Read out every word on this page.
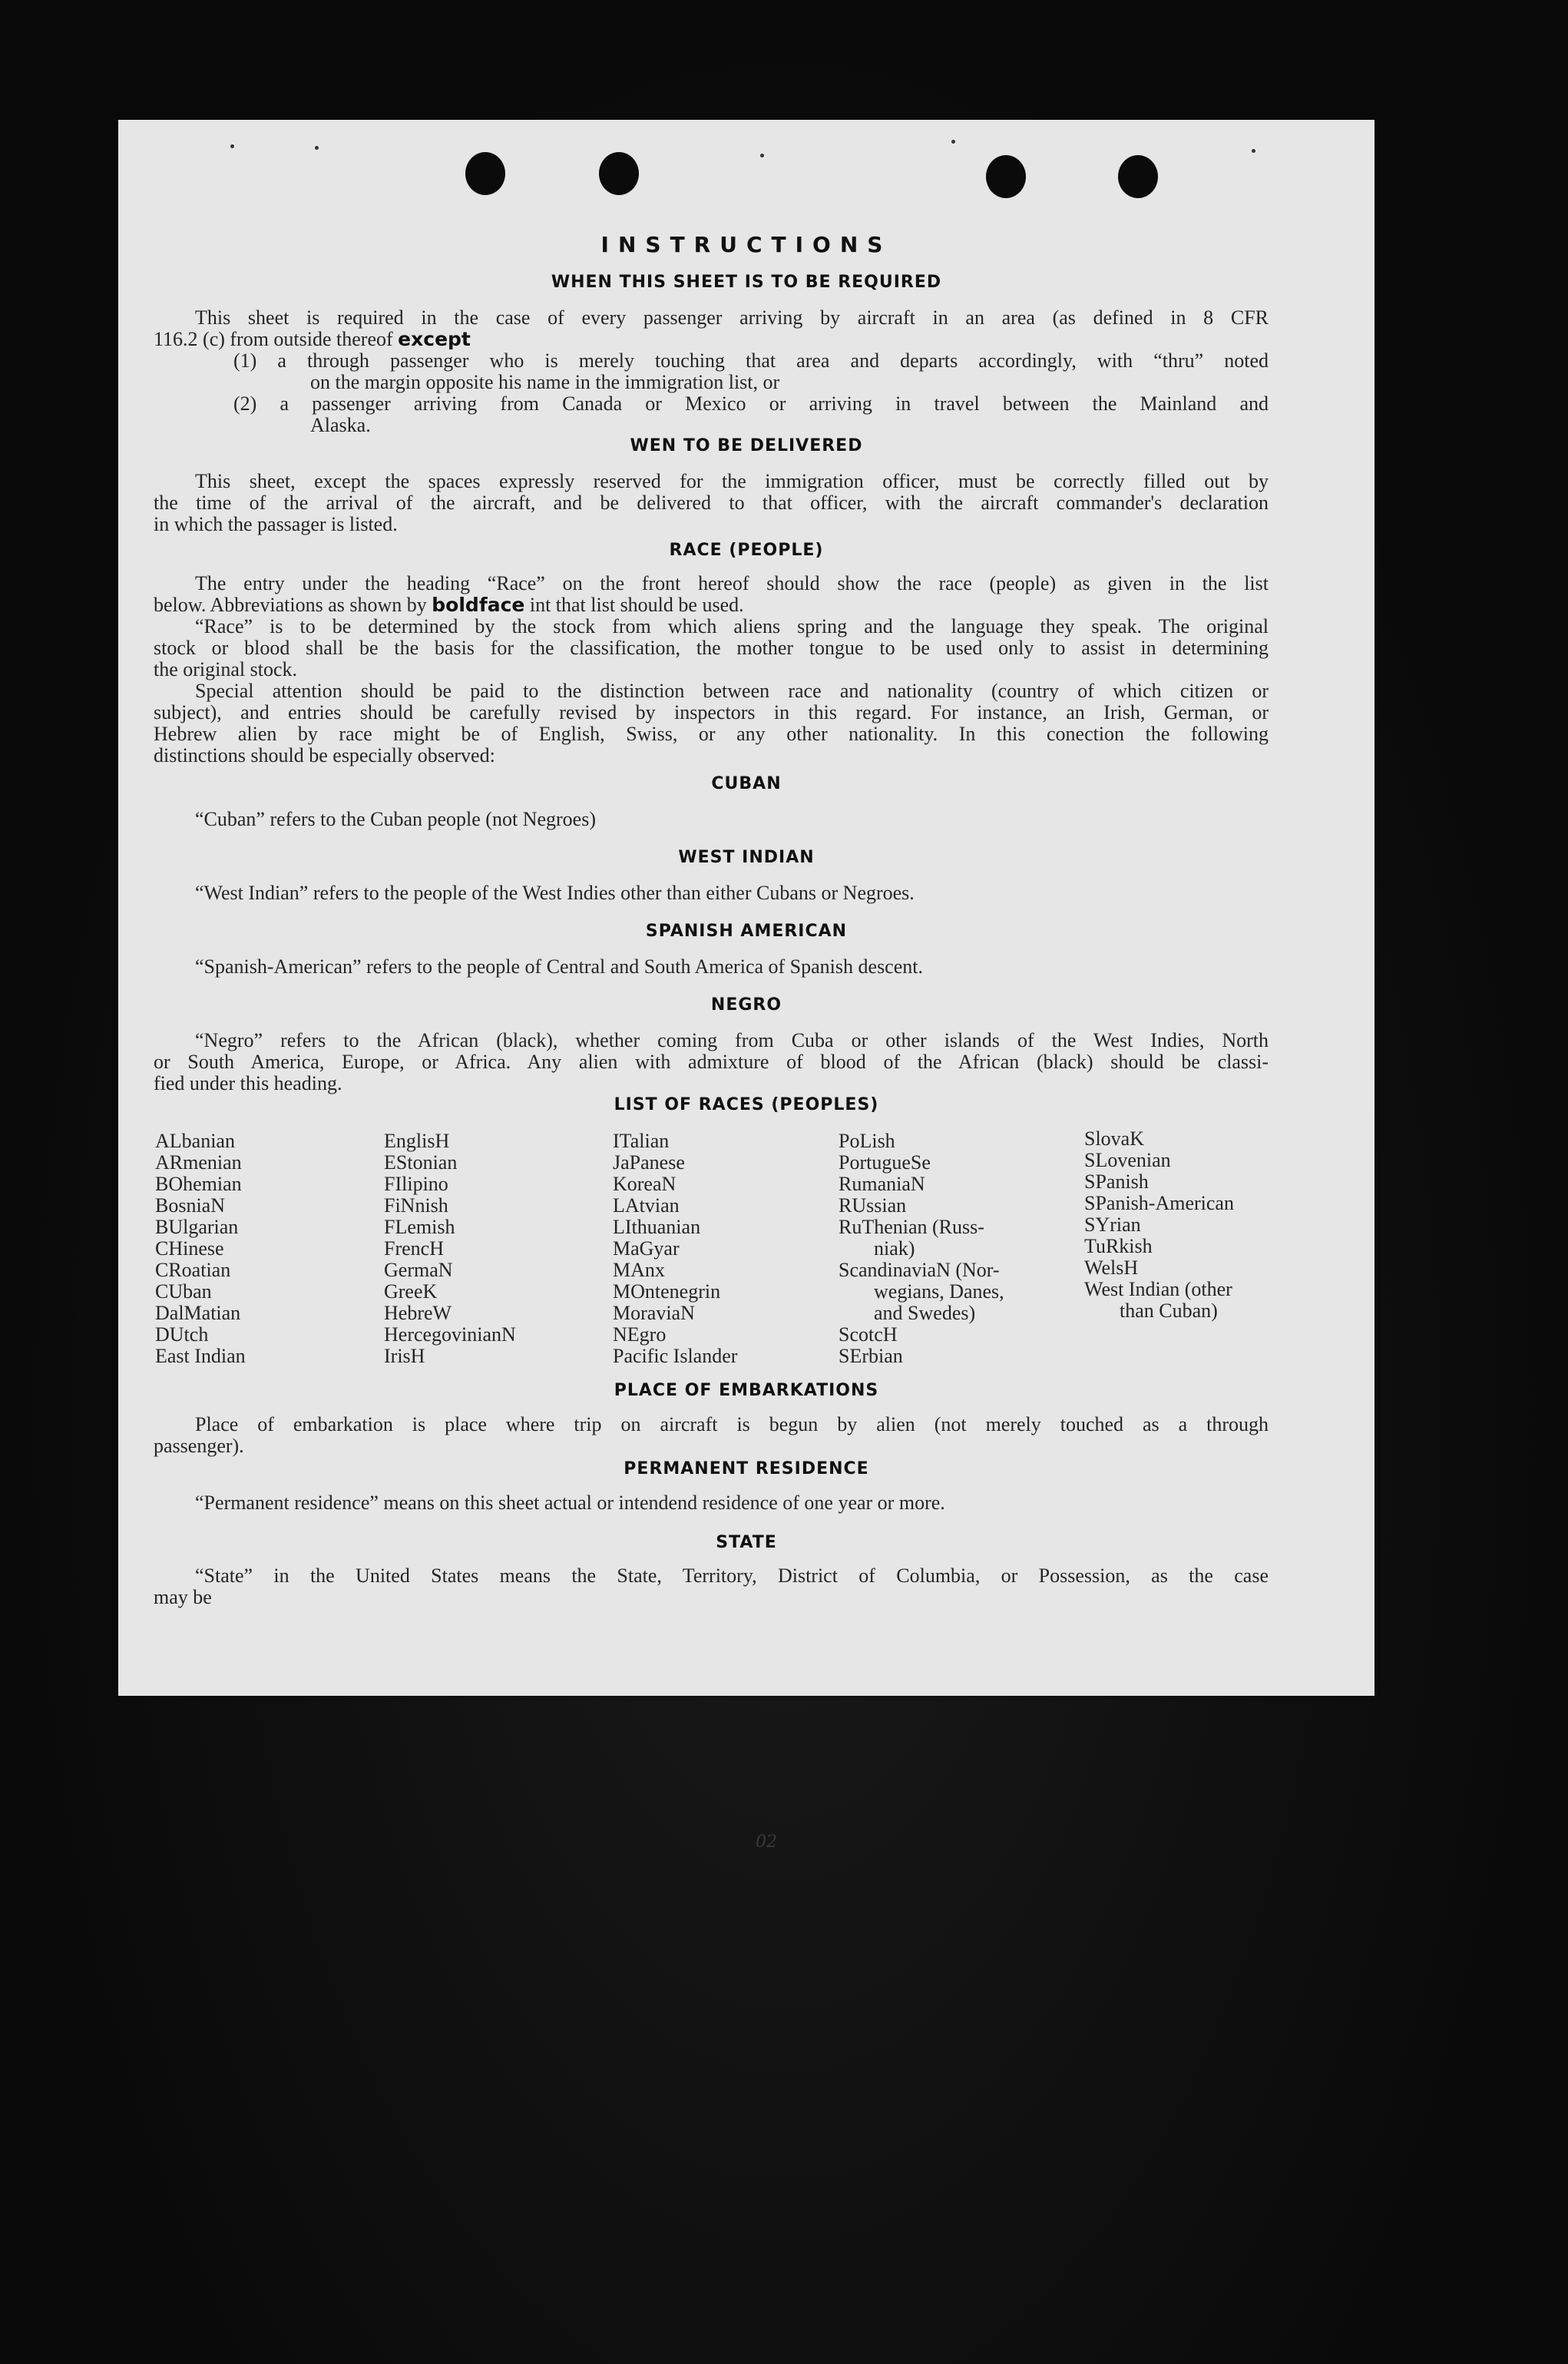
INSTRUCTIONS
WHEN THIS SHEET IS TO BE REQUIRED
This sheet is required in the case of every passenger arriving by aircraft in an area (as defined in 8 CFR
116.2 (c) from outside thereof except
(1) a through passenger who is merely touching that area and departs accordingly, with “thru” noted
on the margin opposite his name in the immigration list, or
(2) a passenger arriving from Canada or Mexico or arriving in travel between the Mainland and
Alaska.
WEN TO BE DELIVERED
This sheet, except the spaces expressly reserved for the immigration officer, must be correctly filled out by
the time of the arrival of the aircraft, and be delivered to that officer, with the aircraft commander's declaration
in which the passager is listed.
RACE (PEOPLE)
The entry under the heading “Race” on the front hereof should show the race (people) as given in the list
below. Abbreviations as shown by boldface int that list should be used.
“Race” is to be determined by the stock from which aliens spring and the language they speak. The original
stock or blood shall be the basis for the classification, the mother tongue to be used only to assist in determining
the original stock.
Special attention should be paid to the distinction between race and nationality (country of which citizen or
subject), and entries should be carefully revised by inspectors in this regard. For instance, an Irish, German, or
Hebrew alien by race might be of English, Swiss, or any other nationality. In this conection the following
distinctions should be especially observed:
CUBAN
“Cuban” refers to the Cuban people (not Negroes)
WEST INDIAN
“West Indian” refers to the people of the West Indies other than either Cubans or Negroes.
SPANISH AMERICAN
“Spanish-American” refers to the people of Central and South America of Spanish descent.
NEGRO
“Negro” refers to the African (black), whether coming from Cuba or other islands of the West Indies, North
or South America, Europe, or Africa. Any alien with admixture of blood of the African (black) should be classi-
fied under this heading.
LIST OF RACES (PEOPLES)
ALbanian
ARmenian
BOhemian
BosniaN
BUlgarian
CHinese
CRoatian
CUban
DalMatian
DUtch
East Indian
EnglisH
EStonian
FIlipino
FiNnish
FLemish
FrencH
GermaN
GreeK
HebreW
HercegovinianN
IrisH
ITalian
JaPanese
KoreaN
LAtvian
LIthuanian
MaGyar
MAnx
MOntenegrin
MoraviaN
NEgro
Pacific Islander
PoLish
PortugueSe
RumaniaN
RUssian
RuThenian (Russ-
niak)
ScandinaviaN (Nor-
wegians, Danes,
and Swedes)
ScotcH
SErbian
SlovaK
SLovenian
SPanish
SPanish-American
SYrian
TuRkish
WelsH
West Indian (other
than Cuban)
PLACE OF EMBARKATIONS
Place of embarkation is place where trip on aircraft is begun by alien (not merely touched as a through
passenger).
PERMANENT RESIDENCE
“Permanent residence” means on this sheet actual or intendend residence of one year or more.
STATE
“State” in the United States means the State, Territory, District of Columbia, or Possession, as the case
may be
02
